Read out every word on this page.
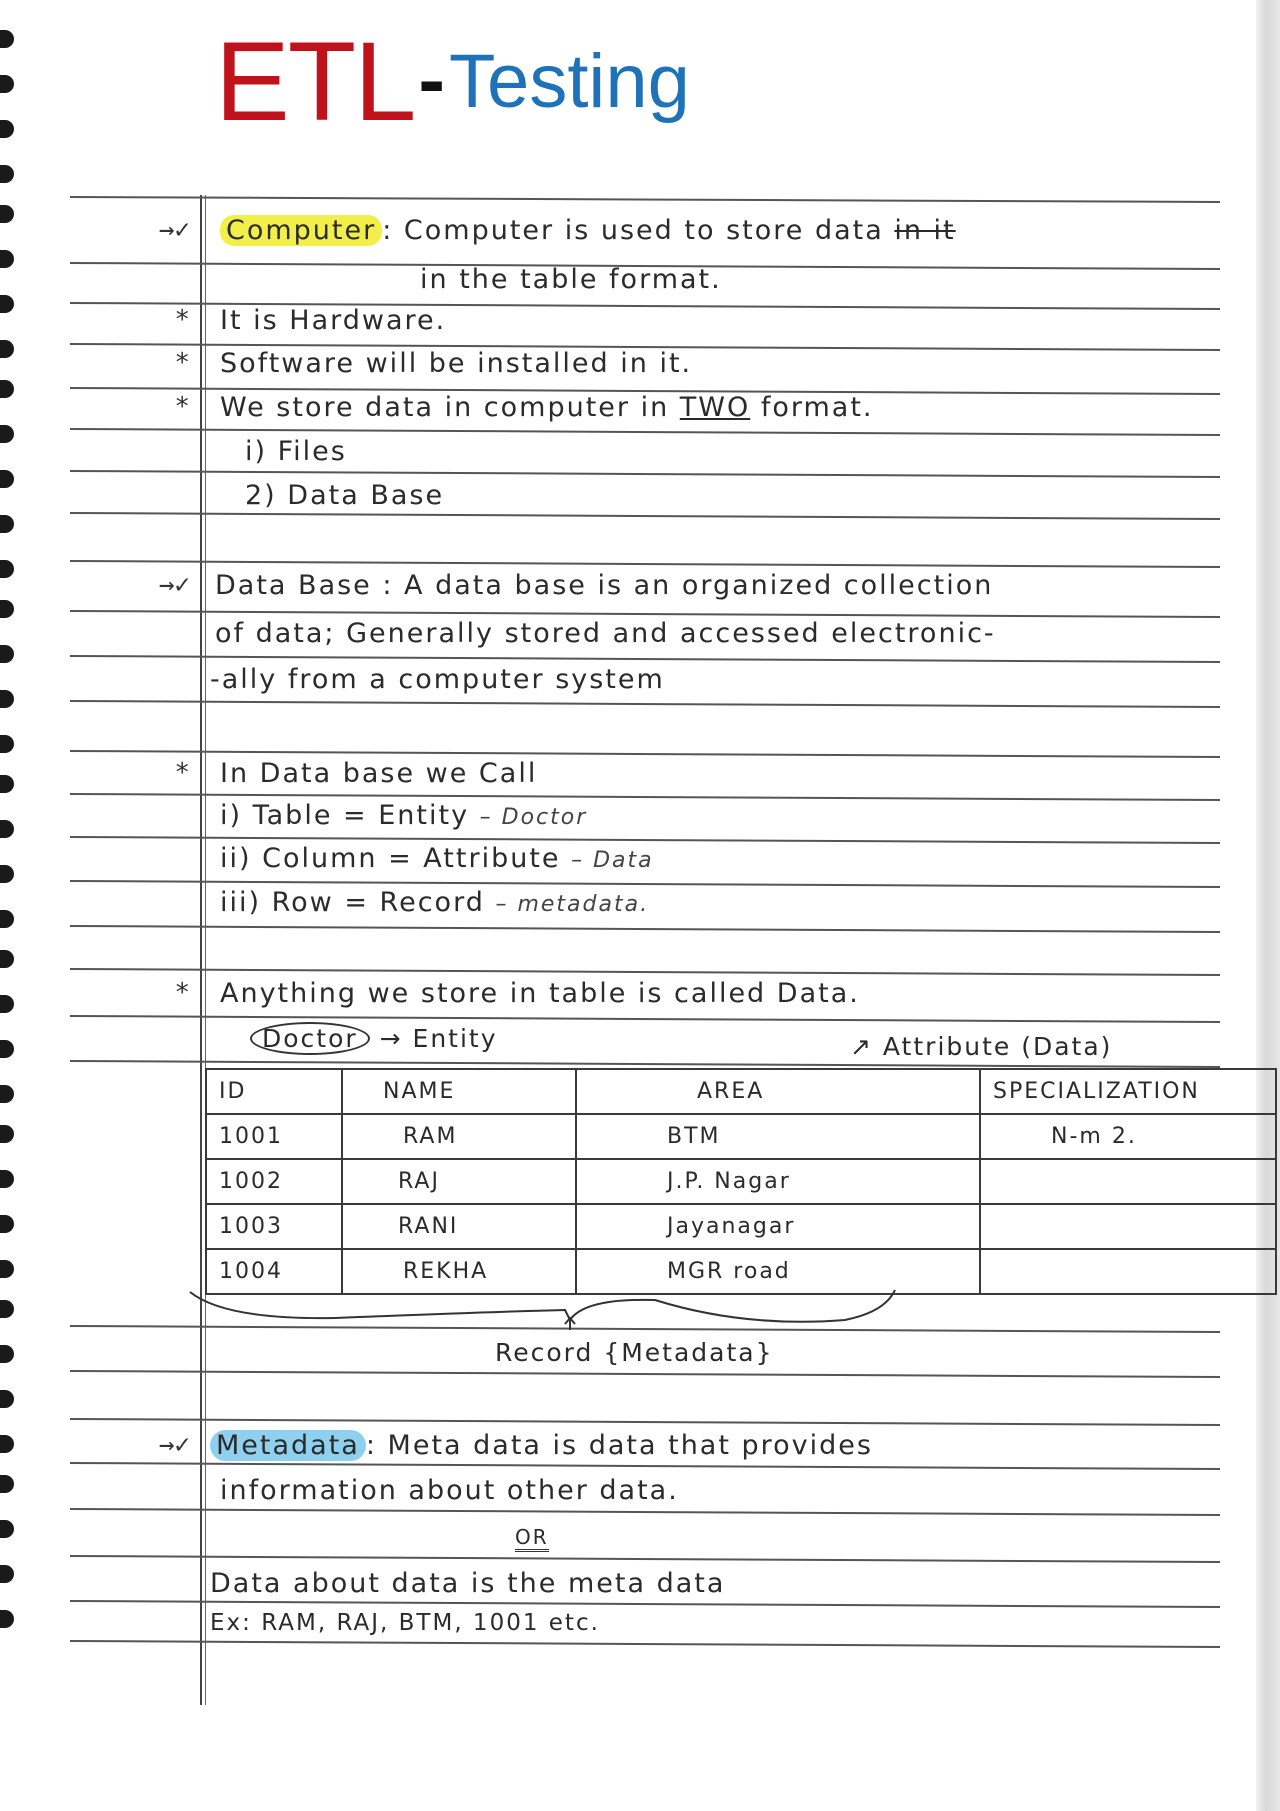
ETL-Testing
→✓ Computer : Computer is used to store data in it
in the table format.
* It is Hardware.
* Software will be installed in it.
* We store data in computer in TWO format.
i) Files
2) Data Base
→✓ Data Base : A data base is an organized collection
of data; Generally stored and accessed electronic-
-ally from a computer system
* In Data base we Call
i) Table = Entity – Doctor
ii) Column = Attribute – Data
iii) Row = Record – metadata.
* Anything we store in table is called Data.
Doctor → Entity	↗ Attribute (Data)
ID	NAME	AREA	SPECIALIZATION
1001	RAM	BTM	N-m 2.
1002	RAJ	J.P. Nagar	
1003	RANI	Jayanagar	
1004	REKHA	MGR road	
Record {Metadata}
→✓ Metadata : Meta data is data that provides
information about other data.
OR
Data about data is the meta data
Ex: RAM, RAJ, BTM, 1001 etc.
